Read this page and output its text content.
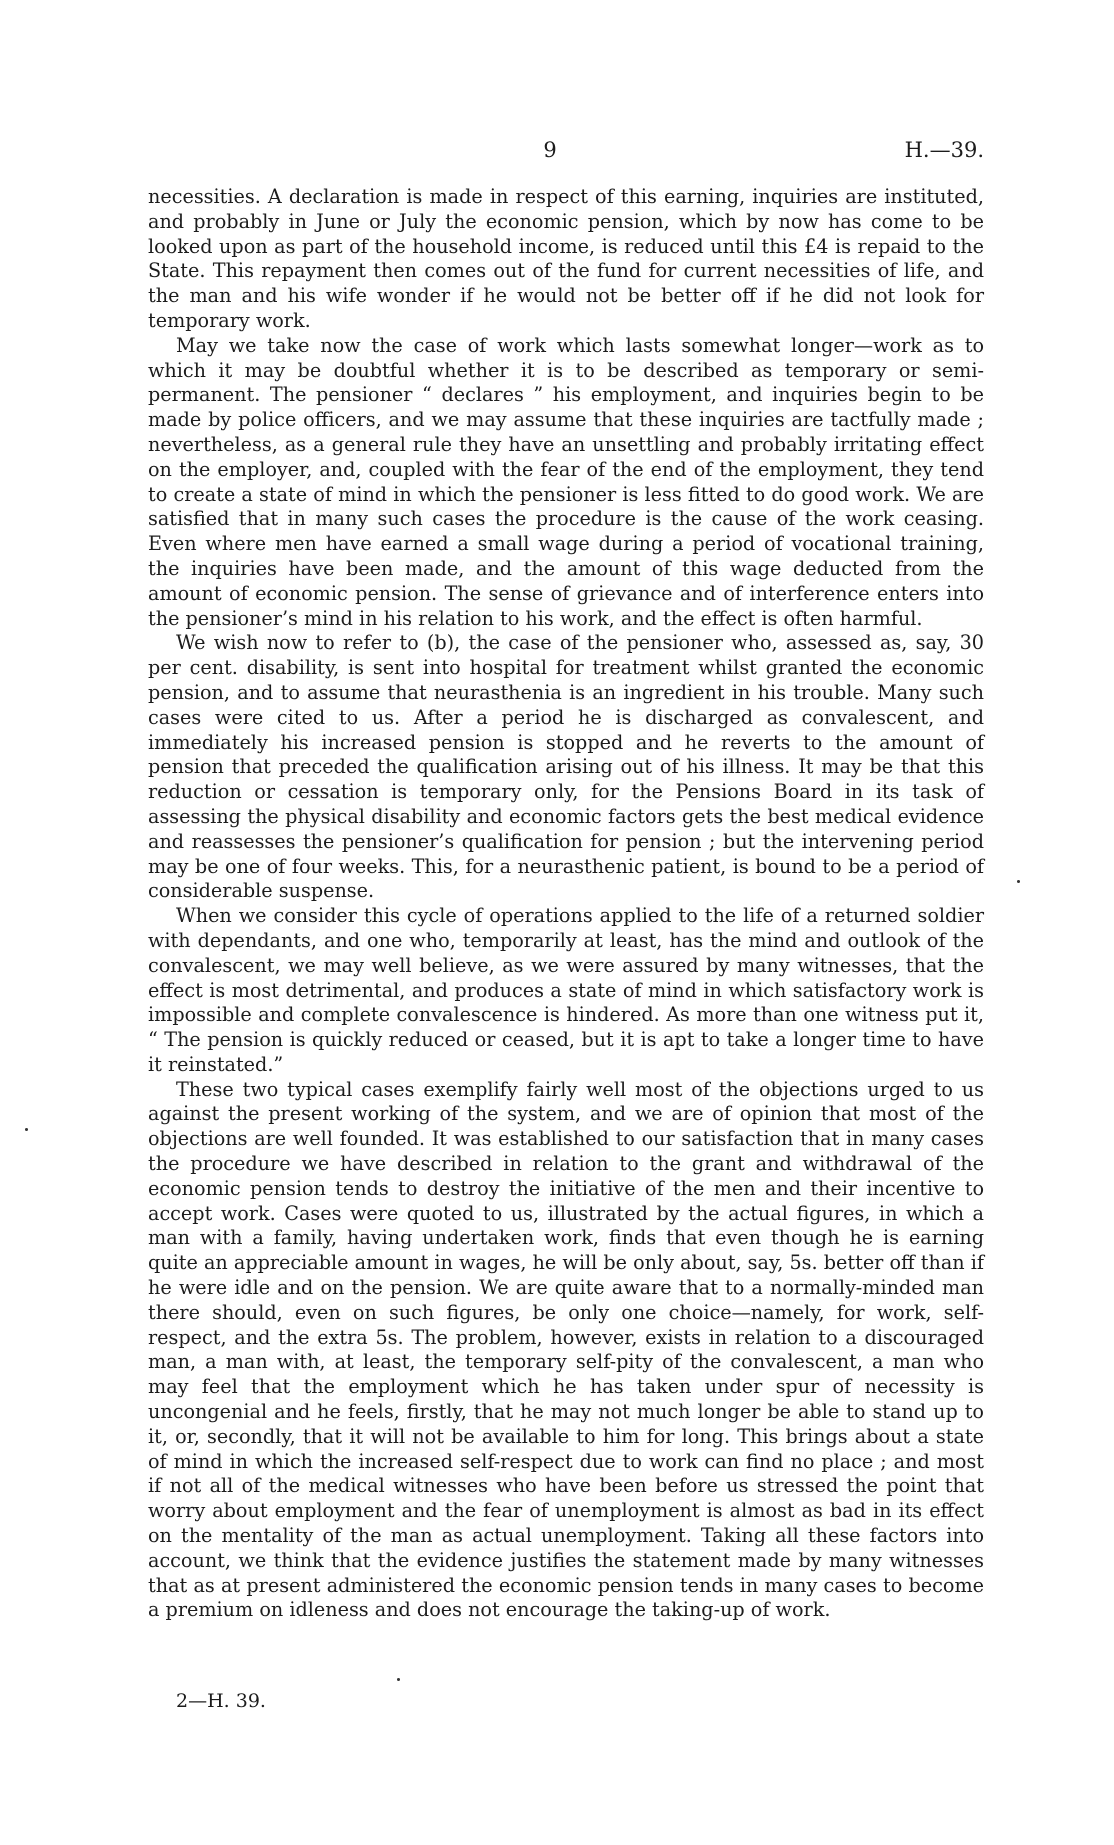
9	H.—39.

necessities. A declaration is made in respect of this earning, inquiries are instituted, and probably in June or July the economic pension, which by now has come to be looked upon as part of the household income, is reduced until this £4 is repaid to the State. This repayment then comes out of the fund for current necessities of life, and the man and his wife wonder if he would not be better off if he did not look for temporary work.

May we take now the case of work which lasts somewhat longer—work as to which it may be doubtful whether it is to be described as temporary or semi-permanent. The pensioner “ declares ” his employment, and inquiries begin to be made by police officers, and we may assume that these inquiries are tactfully made ; nevertheless, as a general rule they have an unsettling and probably irritating effect on the employer, and, coupled with the fear of the end of the employment, they tend to create a state of mind in which the pensioner is less fitted to do good work. We are satisfied that in many such cases the procedure is the cause of the work ceasing. Even where men have earned a small wage during a period of vocational training, the inquiries have been made, and the amount of this wage deducted from the amount of economic pension. The sense of grievance and of interference enters into the pensioner’s mind in his relation to his work, and the effect is often harmful.

We wish now to refer to (b), the case of the pensioner who, assessed as, say, 30 per cent. disability, is sent into hospital for treatment whilst granted the economic pension, and to assume that neurasthenia is an ingredient in his trouble. Many such cases were cited to us. After a period he is discharged as convalescent, and immediately his increased pension is stopped and he reverts to the amount of pension that preceded the qualification arising out of his illness. It may be that this reduction or cessation is temporary only, for the Pensions Board in its task of assessing the physical disability and economic factors gets the best medical evidence and reassesses the pensioner’s qualification for pension ; but the intervening period may be one of four weeks. This, for a neurasthenic patient, is bound to be a period of considerable suspense.

When we consider this cycle of operations applied to the life of a returned soldier with dependants, and one who, temporarily at least, has the mind and outlook of the convalescent, we may well believe, as we were assured by many witnesses, that the effect is most detrimental, and produces a state of mind in which satisfactory work is impossible and complete convalescence is hindered. As more than one witness put it, “ The pension is quickly reduced or ceased, but it is apt to take a longer time to have it reinstated.”

These two typical cases exemplify fairly well most of the objections urged to us against the present working of the system, and we are of opinion that most of the objections are well founded. It was established to our satisfaction that in many cases the procedure we have described in relation to the grant and withdrawal of the economic pension tends to destroy the initiative of the men and their incentive to accept work. Cases were quoted to us, illustrated by the actual figures, in which a man with a family, having undertaken work, finds that even though he is earning quite an appreciable amount in wages, he will be only about, say, 5s. better off than if he were idle and on the pension. We are quite aware that to a normally-minded man there should, even on such figures, be only one choice—namely, for work, self-respect, and the extra 5s. The problem, however, exists in relation to a discouraged man, a man with, at least, the temporary self-pity of the convalescent, a man who may feel that the employment which he has taken under spur of necessity is uncongenial and he feels, firstly, that he may not much longer be able to stand up to it, or, secondly, that it will not be available to him for long. This brings about a state of mind in which the increased self-respect due to work can find no place ; and most if not all of the medical witnesses who have been before us stressed the point that worry about employment and the fear of unemployment is almost as bad in its effect on the mentality of the man as actual unemployment. Taking all these factors into account, we think that the evidence justifies the statement made by many witnesses that as at present administered the economic pension tends in many cases to become a premium on idleness and does not encourage the taking-up of work.

2—H. 39.
